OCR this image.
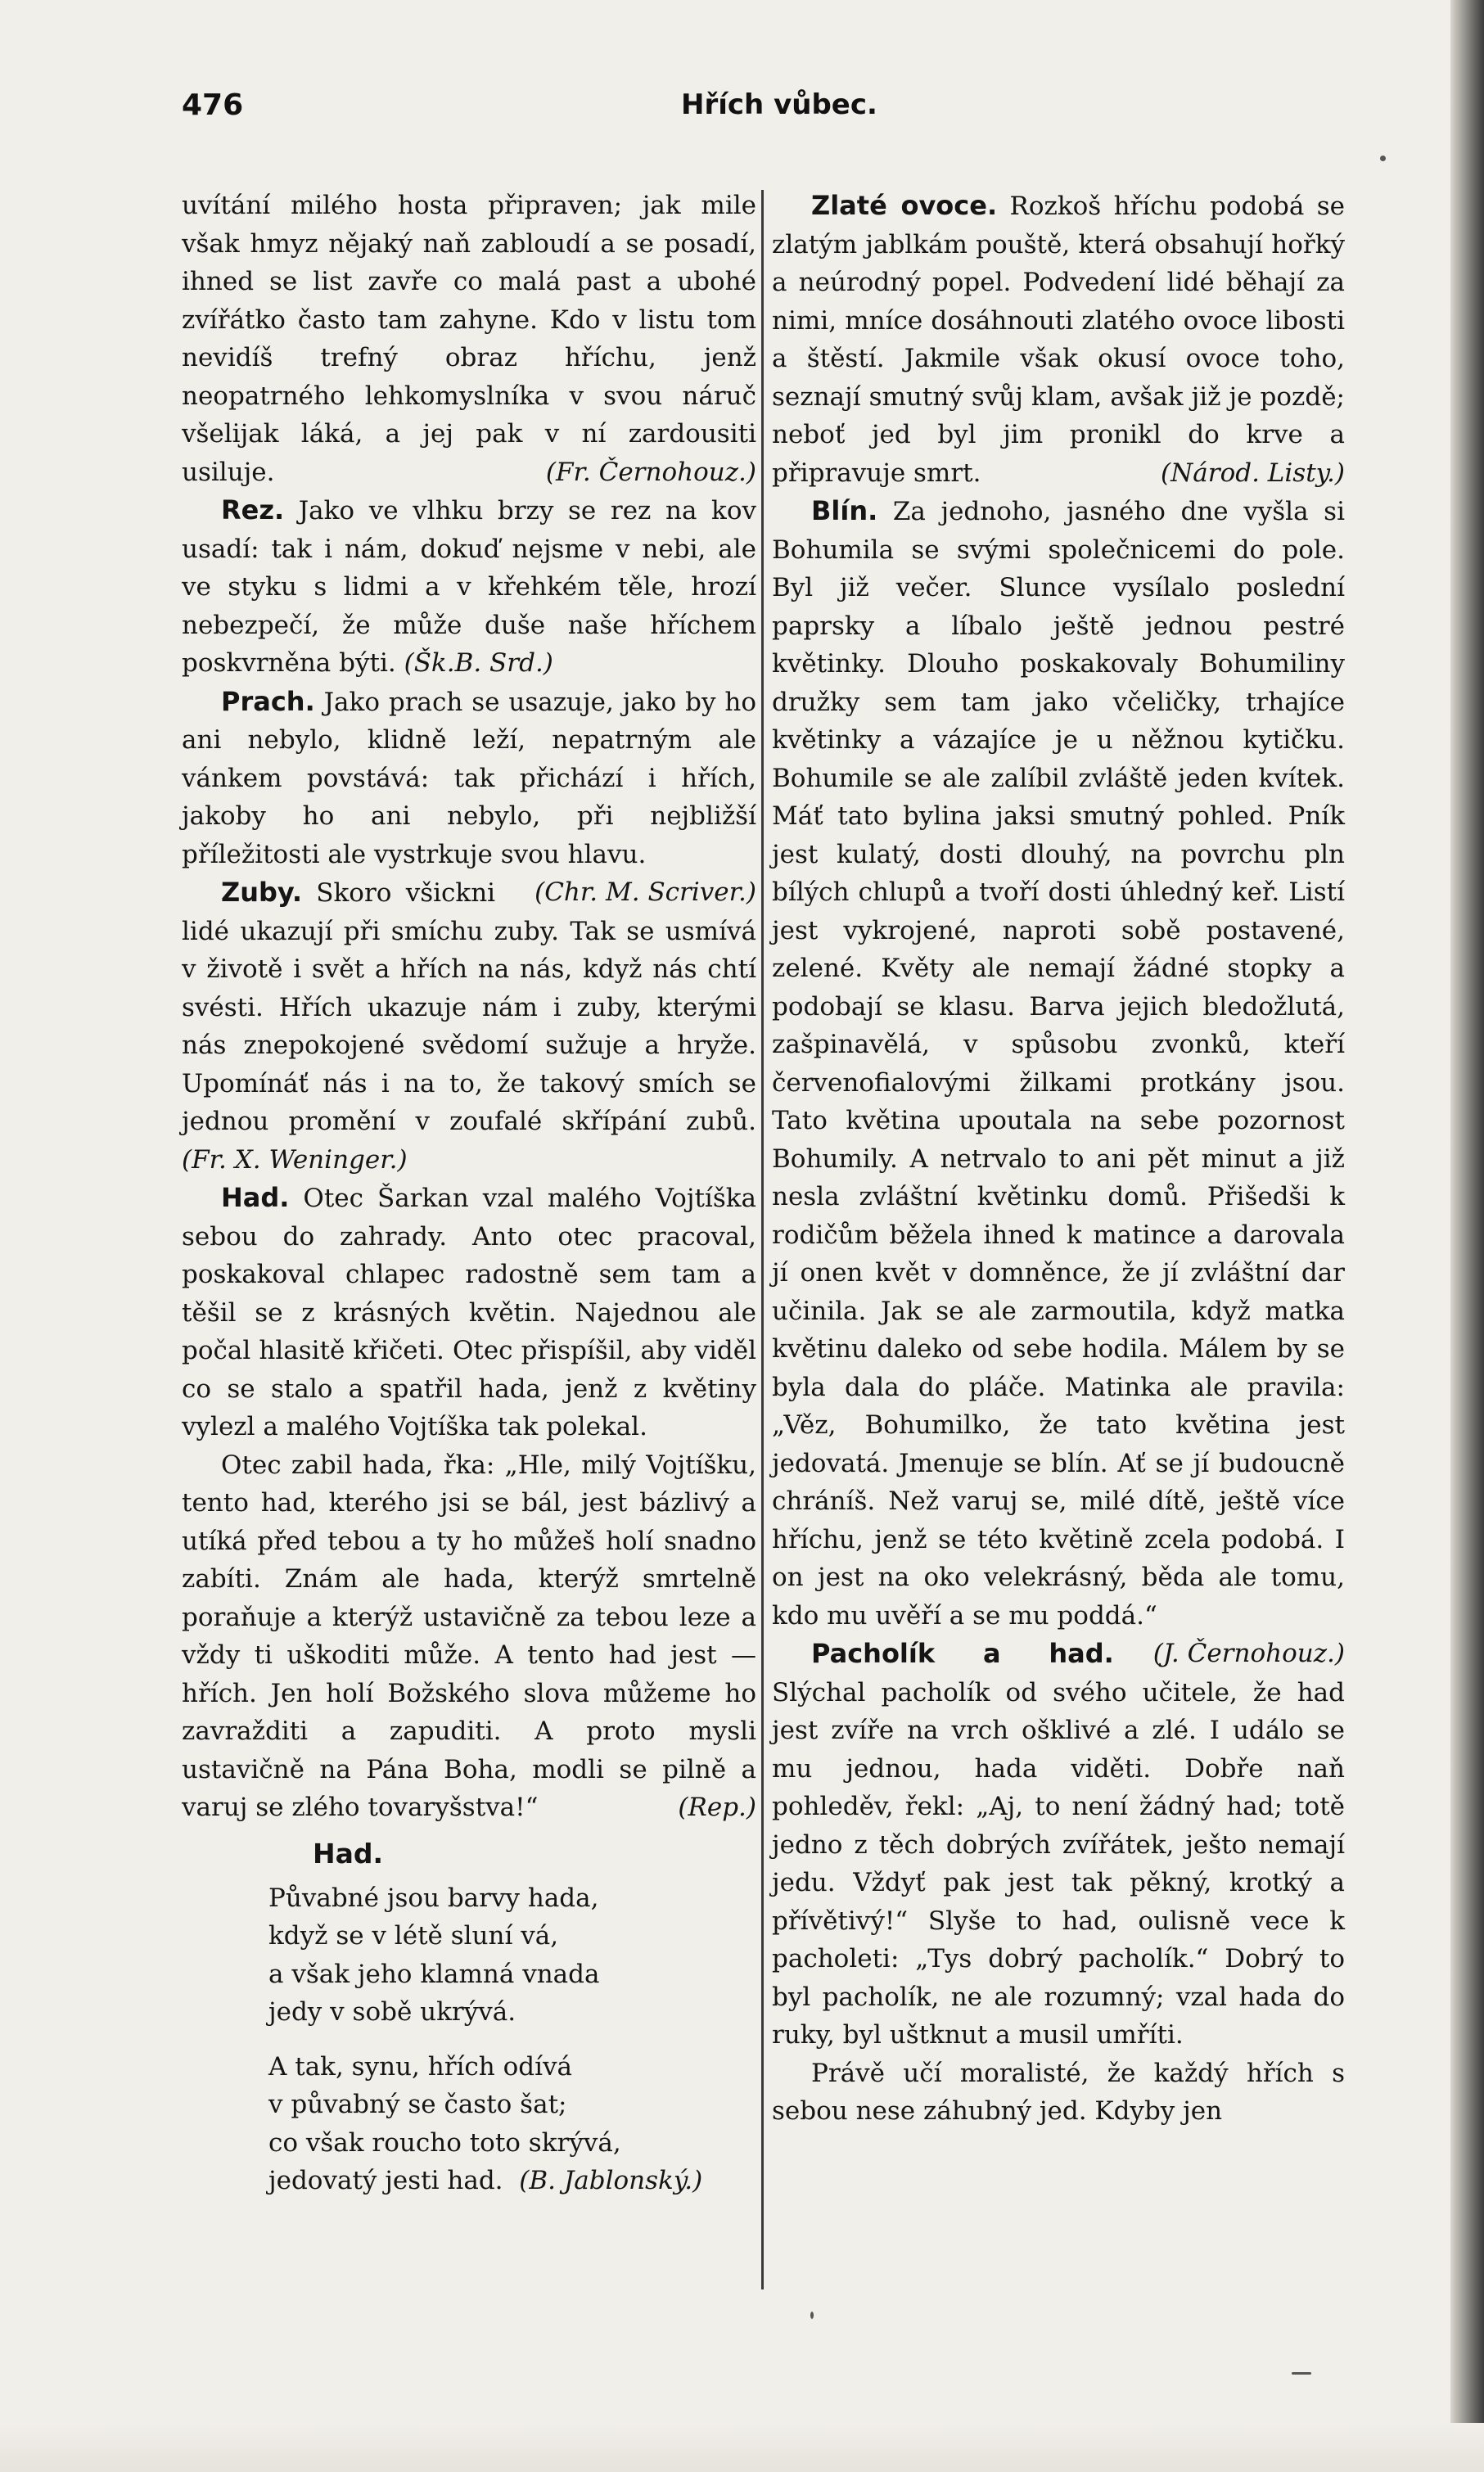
476	Hřích vůbec.

uvítání milého hosta připraven; jak mile však hmyz nějaký naň zabloudí a se posadí, ihned se list zavře co malá past a ubohé zvířátko často tam zahyne. Kdo v listu tom nevidíš trefný obraz hříchu, jenž neopatrného lehkomyslníka v svou náruč všelijak láká, a jej pak v ní zardousiti usiluje.	(Fr. Černohouz.)

Rez. Jako ve vlhku brzy se rez na kov usadí: tak i nám, dokuď nejsme v nebi, ale ve styku s lidmi a v křehkém těle, hrozí nebezpečí, že může duše naše hříchem poskvrněna býti. (Šk.B. Srd.)

Prach. Jako prach se usazuje, jako by ho ani nebylo, klidně leží, nepatrným ale vánkem povstává: tak přichází i hřích, jakoby ho ani nebylo, při nejbližší příležitosti ale vystrkuje svou hlavu.
(Chr. M. Scriver.)

Zuby. Skoro všickni lidé ukazují při smíchu zuby. Tak se usmívá v životě i svět a hřích na nás, když nás chtí svésti. Hřích ukazuje nám i zuby, kterými nás znepokojené svědomí sužuje a hryže. Upomínáť nás i na to, že takový smích se jednou promění v zoufalé skřípání zubů. (Fr. X. Weninger.)

Had. Otec Šarkan vzal malého Vojtíška sebou do zahrady. Anto otec pracoval, poskakoval chlapec radostně sem tam a těšil se z krásných květin. Najednou ale počal hlasitě křičeti. Otec přispíšil, aby viděl co se stalo a spatřil hada, jenž z květiny vylezl a malého Vojtíška tak polekal.

Otec zabil hada, řka: „Hle, milý Vojtíšku, tento had, kterého jsi se bál, jest bázlivý a utíká před tebou a ty ho můžeš holí snadno zabíti. Znám ale hada, kterýž smrtelně poraňuje a kterýž ustavičně za tebou leze a vždy ti uškoditi může. A tento had jest — hřích. Jen holí Božského slova můžeme ho zavražditi a zapuditi. A proto mysli ustavičně na Pána Boha, modli se pilně a varuj se zlého tovaryšstva!“	(Rep.)

Had.
Půvabné jsou barvy hada,
když se v létě sluní vá,
a však jeho klamná vnada
jedy v sobě ukrývá.
A tak, synu, hřích odívá
v půvabný se často šat;
co však roucho toto skrývá,
jedovatý jesti had. (B. Jablonský.)

Zlaté ovoce. Rozkoš hříchu podobá se zlatým jablkám pouště, která obsahují hořký a neúrodný popel. Podvedení lidé běhají za nimi, mníce dosáhnouti zlatého ovoce libosti a štěstí. Jakmile však okusí ovoce toho, seznají smutný svůj klam, avšak již je pozdě; neboť jed byl jim pronikl do krve a připravuje smrt.	(Národ. Listy.)

Blín. Za jednoho, jasného dne vyšla si Bohumila se svými společnicemi do pole. Byl již večer. Slunce vysílalo poslední paprsky a líbalo ještě jednou pestré květinky. Dlouho poskakovaly Bohumiliny družky sem tam jako včeličky, trhajíce květinky a vázajíce je u něžnou kytičku. Bohumile se ale zalíbil zvláště jeden kvítek. Máť tato bylina jaksi smutný pohled. Pník jest kulatý, dosti dlouhý, na povrchu pln bílých chlupů a tvoří dosti úhledný keř. Listí jest vykrojené, naproti sobě postavené, zelené. Květy ale nemají žádné stopky a podobají se klasu. Barva jejich bledožlutá, zašpinavělá, v spůsobu zvonků, kteří červenofialovými žilkami protkány jsou. Tato květina upoutala na sebe pozornost Bohumily. A netrvalo to ani pět minut a již nesla zvláštní květinku domů. Přišedši k rodičům běžela ihned k matince a darovala jí onen květ v domněnce, že jí zvláštní dar učinila. Jak se ale zarmoutila, když matka květinu daleko od sebe hodila. Málem by se byla dala do pláče. Matinka ale pravila: „Věz, Bohumilko, že tato květina jest jedovatá. Jmenuje se blín. Ať se jí budoucně chráníš. Než varuj se, milé dítě, ještě více hříchu, jenž se této květině zcela podobá. I on jest na oko velekrásný, běda ale tomu, kdo mu uvěří a se mu poddá.“
(J. Černohouz.)

Pacholík a had. Slýchal pacholík od svého učitele, že had jest zvíře na vrch ošklivé a zlé. I událo se mu jednou, hada viděti. Dobře naň pohleděv, řekl: „Aj, to není žádný had; totě jedno z těch dobrých zvířátek, ješto nemají jedu. Vždyť pak jest tak pěkný, krotký a přívětivý!“ Slyše to had, oulisně vece k pacholeti: „Tys dobrý pacholík.“ Dobrý to byl pacholík, ne ale rozumný; vzal hada do ruky, byl uštknut a musil umříti.

Právě učí moralisté, že každý hřích s sebou nese záhubný jed. Kdyby jen
